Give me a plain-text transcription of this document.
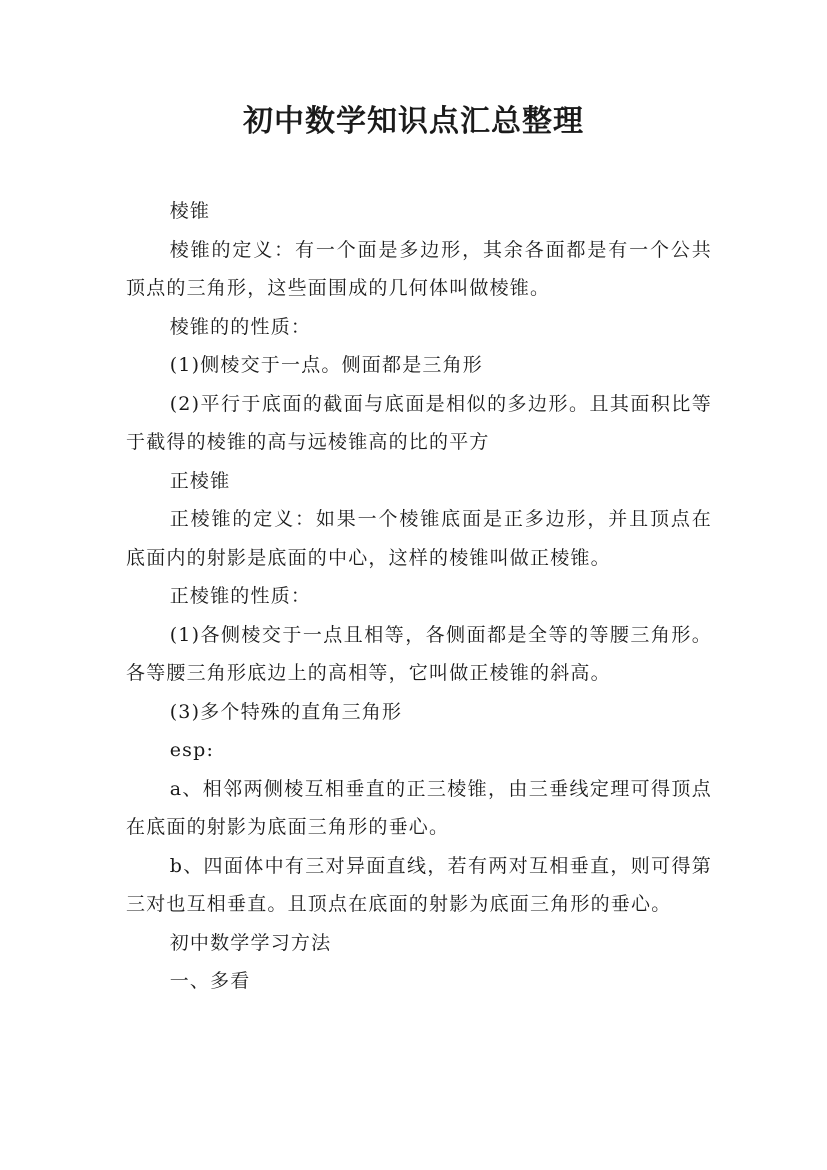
初中数学知识点汇总整理

棱锥

棱锥的定义：有一个面是多边形，其余各面都是有一个公共顶点的三角形，这些面围成的几何体叫做棱锥。

棱锥的的性质：

(1)侧棱交于一点。侧面都是三角形

(2)平行于底面的截面与底面是相似的多边形。且其面积比等于截得的棱锥的高与远棱锥高的比的平方

正棱锥

正棱锥的定义：如果一个棱锥底面是正多边形，并且顶点在底面内的射影是底面的中心，这样的棱锥叫做正棱锥。

正棱锥的性质：

(1)各侧棱交于一点且相等，各侧面都是全等的等腰三角形。各等腰三角形底边上的高相等，它叫做正棱锥的斜高。

(3)多个特殊的直角三角形

esp:

a、相邻两侧棱互相垂直的正三棱锥，由三垂线定理可得顶点在底面的射影为底面三角形的垂心。

b、四面体中有三对异面直线，若有两对互相垂直，则可得第三对也互相垂直。且顶点在底面的射影为底面三角形的垂心。

初中数学学习方法

一、多看
